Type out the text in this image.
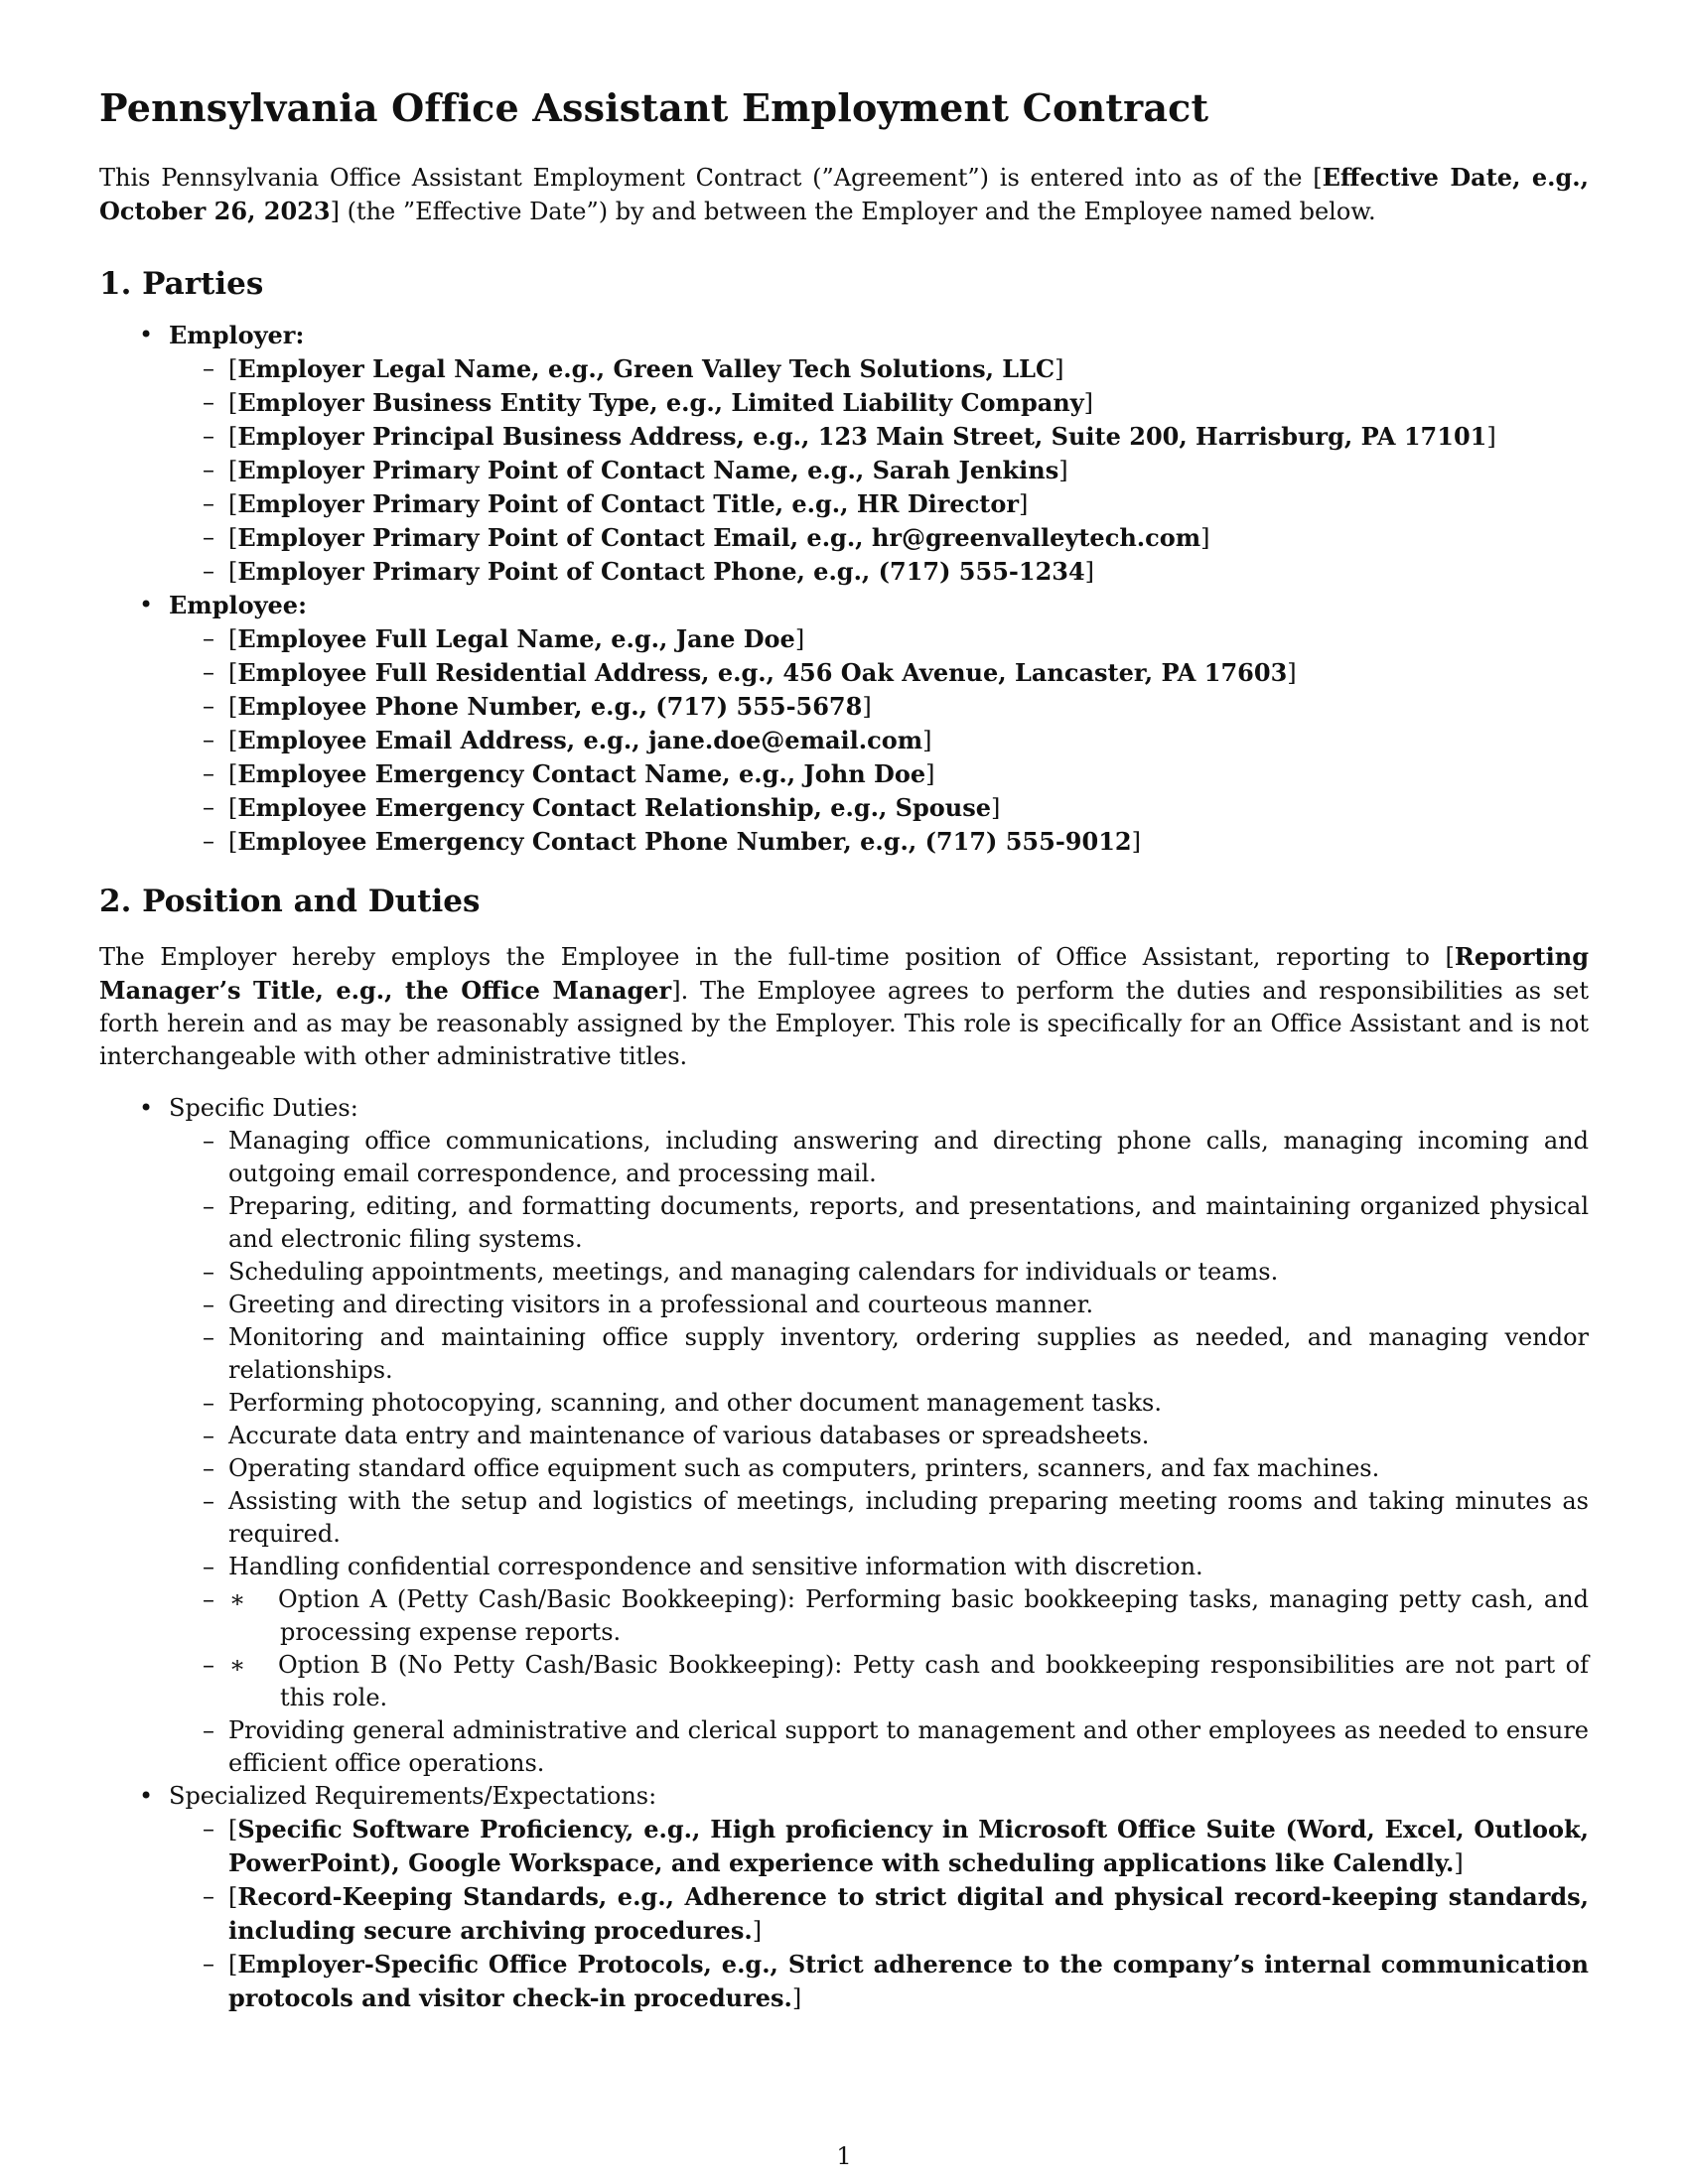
Pennsylvania Office Assistant Employment Contract
This Pennsylvania Office Assistant Employment Contract (”Agreement”) is entered into as of the [Effective Date, e.g., October 26, 2023] (the ”Effective Date”) by and between the Employer and the Employee named below.
1. Parties
• Employer:
– [Employer Legal Name, e.g., Green Valley Tech Solutions, LLC]
– [Employer Business Entity Type, e.g., Limited Liability Company]
– [Employer Principal Business Address, e.g., 123 Main Street, Suite 200, Harrisburg, PA 17101]
– [Employer Primary Point of Contact Name, e.g., Sarah Jenkins]
– [Employer Primary Point of Contact Title, e.g., HR Director]
– [Employer Primary Point of Contact Email, e.g., hr@greenvalleytech.com]
– [Employer Primary Point of Contact Phone, e.g., (717) 555-1234]
• Employee:
– [Employee Full Legal Name, e.g., Jane Doe]
– [Employee Full Residential Address, e.g., 456 Oak Avenue, Lancaster, PA 17603]
– [Employee Phone Number, e.g., (717) 555-5678]
– [Employee Email Address, e.g., jane.doe@email.com]
– [Employee Emergency Contact Name, e.g., John Doe]
– [Employee Emergency Contact Relationship, e.g., Spouse]
– [Employee Emergency Contact Phone Number, e.g., (717) 555-9012]
2. Position and Duties
The Employer hereby employs the Employee in the full-time position of Office Assistant, reporting to [Reporting Manager’s Title, e.g., the Office Manager]. The Employee agrees to perform the duties and responsibilities as set forth herein and as may be reasonably assigned by the Employer. This role is specifically for an Office Assistant and is not interchangeable with other administrative titles.
• Specific Duties:
– Managing office communications, including answering and directing phone calls, managing incoming and outgoing email correspondence, and processing mail.
– Preparing, editing, and formatting documents, reports, and presentations, and maintaining organized physical and electronic filing systems.
– Scheduling appointments, meetings, and managing calendars for individuals or teams.
– Greeting and directing visitors in a professional and courteous manner.
– Monitoring and maintaining office supply inventory, ordering supplies as needed, and managing vendor relationships.
– Performing photocopying, scanning, and other document management tasks.
– Accurate data entry and maintenance of various databases or spreadsheets.
– Operating standard office equipment such as computers, printers, scanners, and fax machines.
– Assisting with the setup and logistics of meetings, including preparing meeting rooms and taking minutes as required.
– Handling confidential correspondence and sensitive information with discretion.
– ∗ Option A (Petty Cash/Basic Bookkeeping): Performing basic bookkeeping tasks, managing petty cash, and processing expense reports.
– ∗ Option B (No Petty Cash/Basic Bookkeeping): Petty cash and bookkeeping responsibilities are not part of this role.
– Providing general administrative and clerical support to management and other employees as needed to ensure efficient office operations.
• Specialized Requirements/Expectations:
– [Specific Software Proficiency, e.g., High proficiency in Microsoft Office Suite (Word, Excel, Outlook, PowerPoint), Google Workspace, and experience with scheduling applications like Calendly.]
– [Record-Keeping Standards, e.g., Adherence to strict digital and physical record-keeping standards, including secure archiving procedures.]
– [Employer-Specific Office Protocols, e.g., Strict adherence to the company’s internal communication protocols and visitor check-in procedures.]
1
